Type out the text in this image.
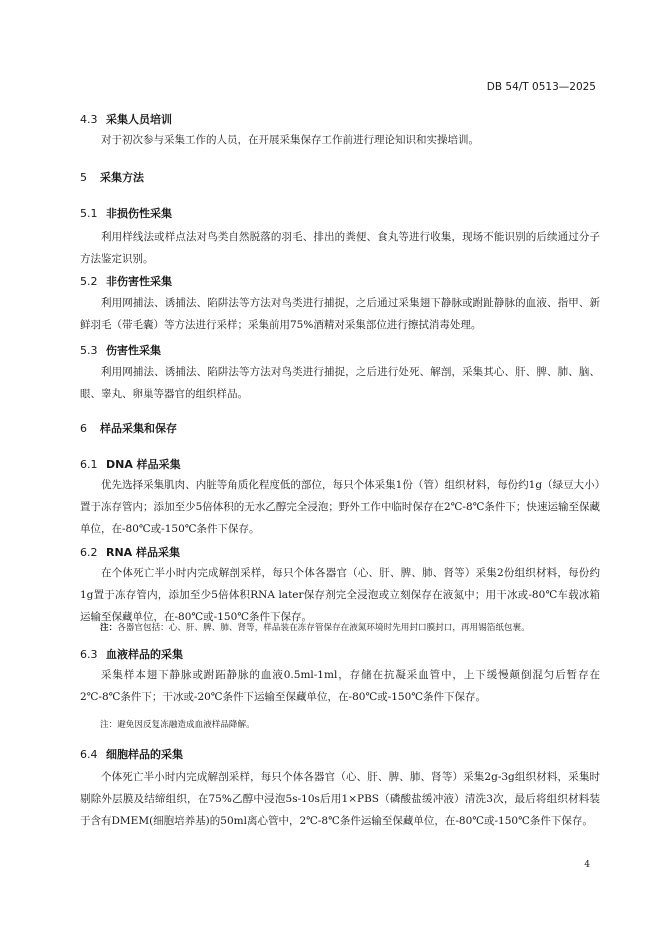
DB 54/T 0513—2025
4.3 采集人员培训
对于初次参与采集工作的人员，在开展采集保存工作前进行理论知识和实操培训。
5 采集方法
5.1 非损伤性采集
利用样线法或样点法对鸟类自然脱落的羽毛、排出的粪便、食丸等进行收集，现场不能识别的后续通过分子方法鉴定识别。
5.2 非伤害性采集
利用网捕法、诱捕法、陷阱法等方法对鸟类进行捕捉，之后通过采集翅下静脉或跗趾静脉的血液、指甲、新鲜羽毛（带毛囊）等方法进行采样；采集前用75%酒精对采集部位进行擦拭消毒处理。
5.3 伤害性采集
利用网捕法、诱捕法、陷阱法等方法对鸟类进行捕捉，之后进行处死、解剖，采集其心、肝、脾、肺、脑、眼、睾丸、卵巢等器官的组织样品。
6 样品采集和保存
6.1 DNA 样品采集
优先选择采集肌肉、内脏等角质化程度低的部位，每只个体采集1份（管）组织材料，每份约1g（绿豆大小）置于冻存管内；添加至少5倍体积的无水乙醇完全浸泡；野外工作中临时保存在2℃-8℃条件下；快速运输至保藏单位，在-80℃或-150℃条件下保存。
6.2 RNA 样品采集
在个体死亡半小时内完成解剖采样，每只个体各器官（心、肝、脾、肺、肾等）采集2份组织材料，每份约1g置于冻存管内，添加至少5倍体积RNA later保存剂完全浸泡或立刻保存在液氮中；用干冰或-80℃车载冰箱运输至保藏单位，在-80℃或-150℃条件下保存。
注：各器官包括：心、肝、脾、肺、肾等，样品装在冻存管保存在液氮环境时先用封口膜封口，再用锡箔纸包裹。
6.3 血液样品的采集
采集样本翅下静脉或跗跖静脉的血液0.5ml-1ml，存储在抗凝采血管中，上下缓慢颠倒混匀后暂存在2℃-8℃条件下；干冰或-20℃条件下运输至保藏单位，在-80℃或-150℃条件下保存。
注：避免因反复冻融造成血液样品降解。
6.4 细胞样品的采集
个体死亡半小时内完成解剖采样，每只个体各器官（心、肝、脾、肺、肾等）采集2g-3g组织材料，采集时剔除外层膜及结缔组织，在75%乙醇中浸泡5s-10s后用1×PBS（磷酸盐缓冲液）清洗3次，最后将组织材料装于含有DMEM(细胞培养基)的50ml离心管中，2℃-8℃条件运输至保藏单位，在-80℃或-150℃条件下保存。
4
